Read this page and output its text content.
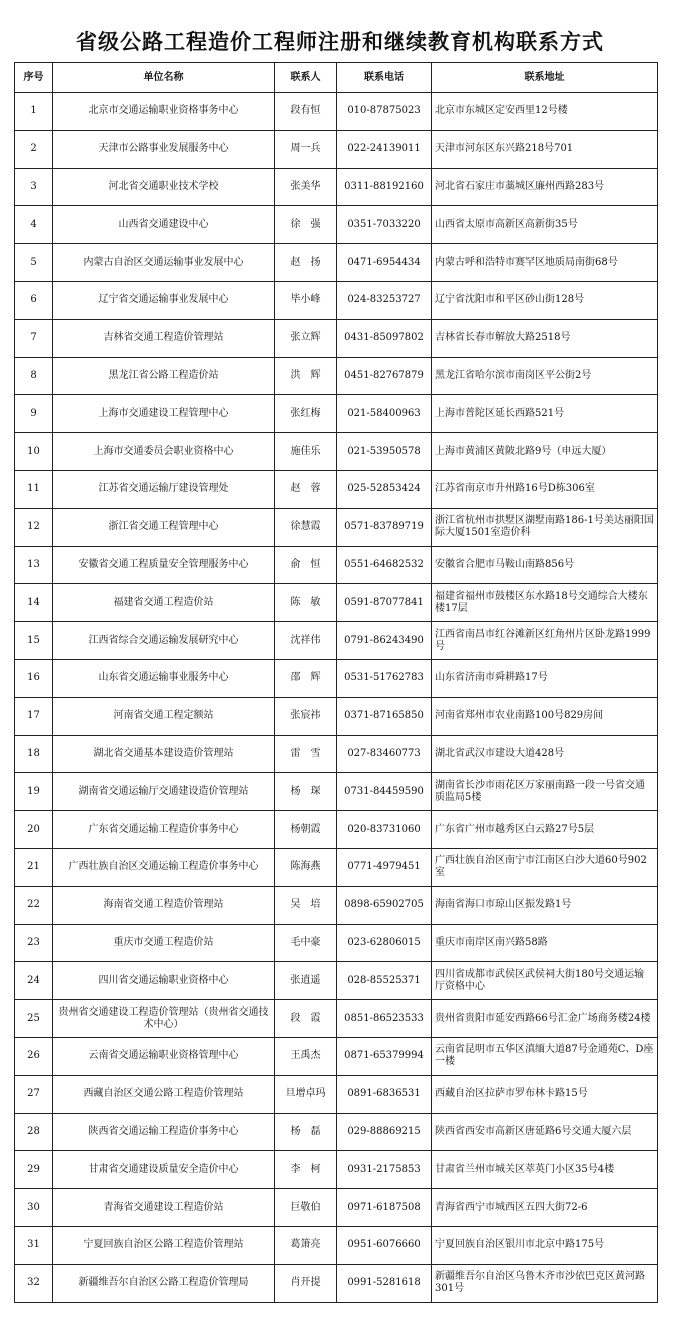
省级公路工程造价工程师注册和继续教育机构联系方式
序号	单位名称	联系人	联系电话	联系地址
1	北京市交通运输职业资格事务中心	段有恒	010-87875023	北京市东城区定安西里12号楼
2	天津市公路事业发展服务中心	周一兵	022-24139011	天津市河东区东兴路218号701
3	河北省交通职业技术学校	张美华	0311-88192160	河北省石家庄市藁城区廉州西路283号
4	山西省交通建设中心	徐　强	0351-7033220	山西省太原市高新区高新街35号
5	内蒙古自治区交通运输事业发展中心	赵　扬	0471-6954434	内蒙古呼和浩特市赛罕区地质局南街68号
6	辽宁省交通运输事业发展中心	毕小峰	024-83253727	辽宁省沈阳市和平区砂山街128号
7	吉林省交通工程造价管理站	张立辉	0431-85097802	吉林省长春市解放大路2518号
8	黑龙江省公路工程造价站	洪　辉	0451-82767879	黑龙江省哈尔滨市南岗区平公街2号
9	上海市交通建设工程管理中心	张红梅	021-58400963	上海市普陀区延长西路521号
10	上海市交通委员会职业资格中心	施佳乐	021-53950578	上海市黄浦区黄陂北路9号（申远大厦）
11	江苏省交通运输厅建设管理处	赵　蓉	025-52853424	江苏省南京市升州路16号D栋306室
12	浙江省交通工程管理中心	徐慧霞	0571-83789719	浙江省杭州市拱墅区湖墅南路186-1号美达丽阳国际大厦1501室造价科
13	安徽省交通工程质量安全管理服务中心	俞　恒	0551-64682532	安徽省合肥市马鞍山南路856号
14	福建省交通工程造价站	陈　敏	0591-87077841	福建省福州市鼓楼区东水路18号交通综合大楼东楼17层
15	江西省综合交通运输发展研究中心	沈祥伟	0791-86243490	江西省南昌市红谷滩新区红角州片区卧龙路1999号
16	山东省交通运输事业服务中心	邵　辉	0531-51762783	山东省济南市舜耕路17号
17	河南省交通工程定额站	张宸祎	0371-87165850	河南省郑州市农业南路100号829房间
18	湖北省交通基本建设造价管理站	雷　雪	027-83460773	湖北省武汉市建设大道428号
19	湖南省交通运输厅交通建设造价管理站	杨　琛	0731-84459590	湖南省长沙市雨花区万家丽南路一段一号省交通质监局5楼
20	广东省交通运输工程造价事务中心	杨朝霞	020-83731060	广东省广州市越秀区白云路27号5层
21	广西壮族自治区交通运输工程造价事务中心	陈海燕	0771-4979451	广西壮族自治区南宁市江南区白沙大道60号902室
22	海南省交通工程造价管理站	吴　培	0898-65902705	海南省海口市琼山区振发路1号
23	重庆市交通工程造价站	毛中豪	023-62806015	重庆市南岸区南兴路58路
24	四川省交通运输职业资格中心	张逍遥	028-85525371	四川省成都市武侯区武侯祠大街180号交通运输厅资格中心
25	贵州省交通建设工程造价管理站（贵州省交通技术中心）	段　霞	0851-86523533	贵州省贵阳市延安西路66号汇金广场商务楼24楼
26	云南省交通运输职业资格管理中心	王禹杰	0871-65379994	云南省昆明市五华区滇缅大道87号金通苑C、D座一楼
27	西藏自治区交通公路工程造价管理站	旦增卓玛	0891-6836531	西藏自治区拉萨市罗布林卡路15号
28	陕西省交通运输工程造价事务中心	杨　磊	029-88869215	陕西省西安市高新区唐延路6号交通大厦六层
29	甘肃省交通建设质量安全造价中心	李　柯	0931-2175853	甘肃省兰州市城关区萃英门小区35号4楼
30	青海省交通建设工程造价站	巨敬伯	0971-6187508	青海省西宁市城西区五四大街72-6
31	宁夏回族自治区公路工程造价管理站	葛箫亮	0951-6076660	宁夏回族自治区银川市北京中路175号
32	新疆维吾尔自治区公路工程造价管理局	肖开提	0991-5281618	新疆维吾尔自治区乌鲁木齐市沙依巴克区黄河路301号
